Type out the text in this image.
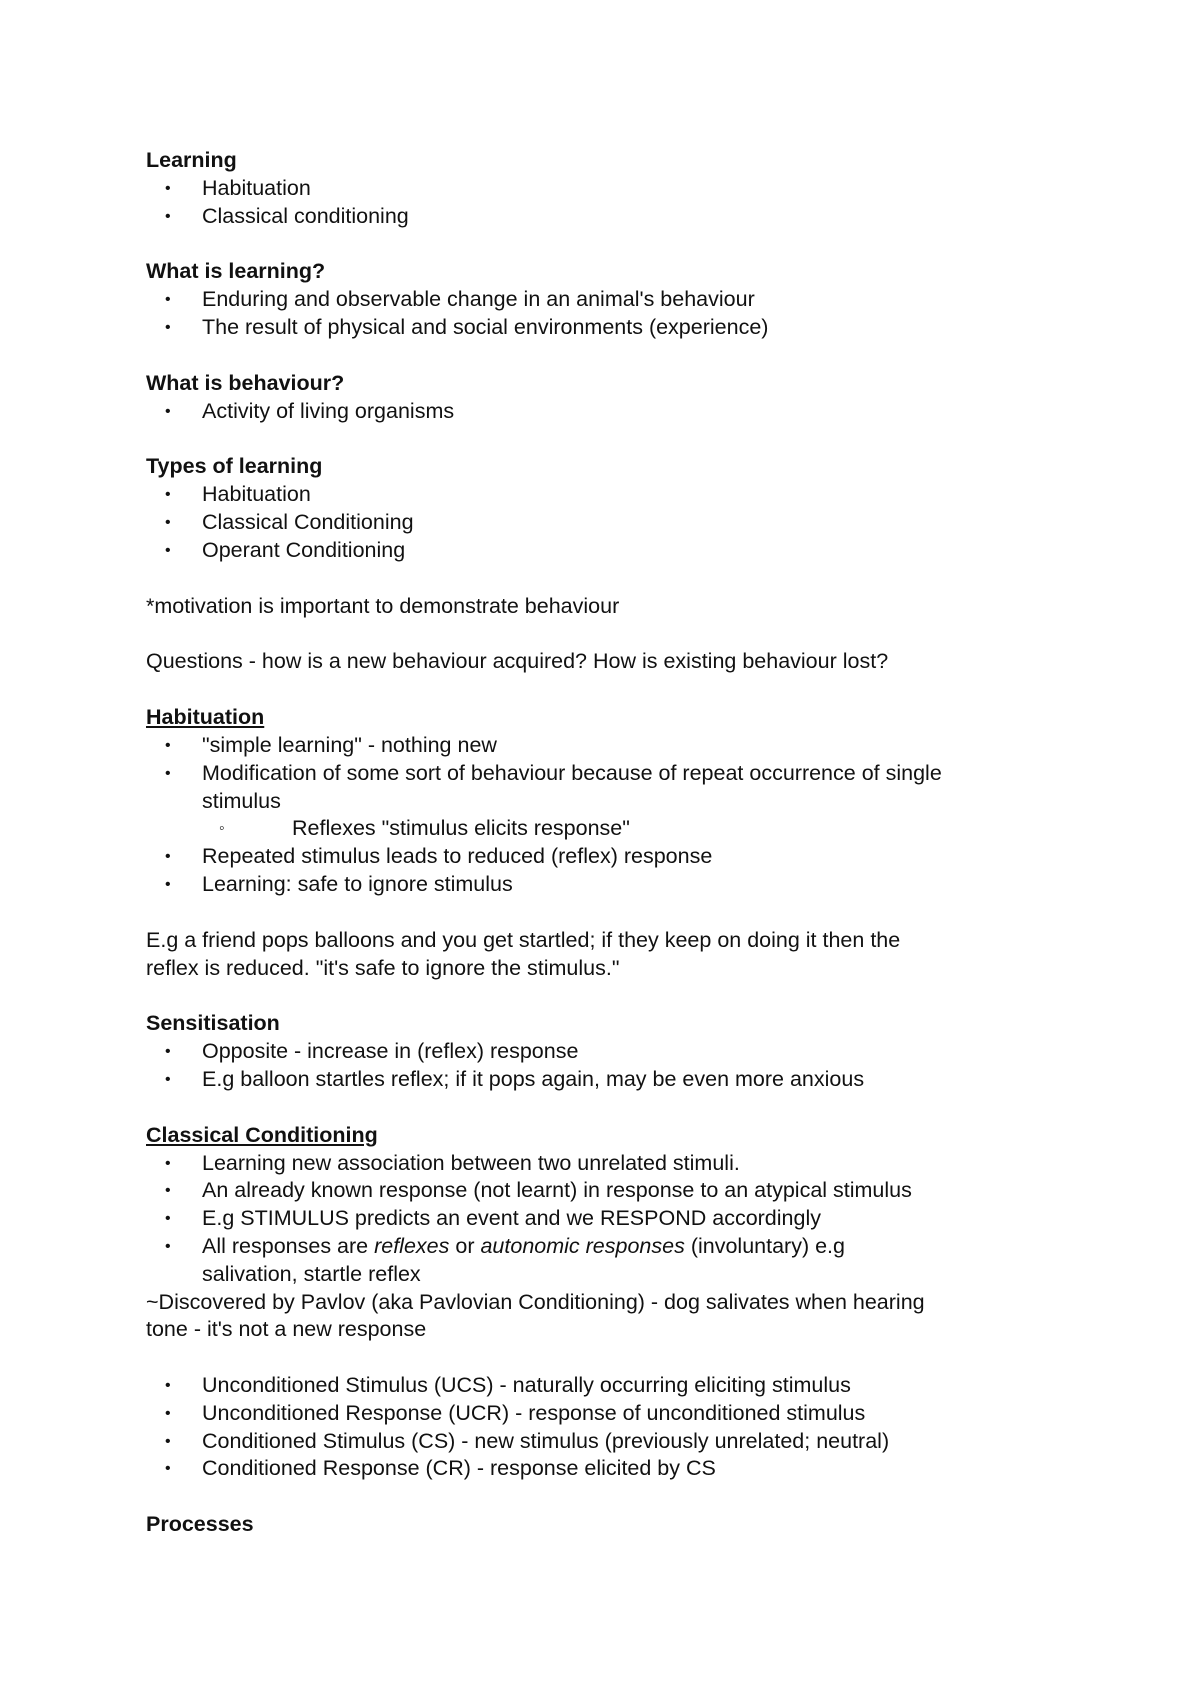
Learning

• Habituation
• Classical conditioning

What is learning?

• Enduring and observable change in an animal's behaviour
• The result of physical and social environments (experience)

What is behaviour?

• Activity of living organisms

Types of learning

• Habituation
• Classical Conditioning
• Operant Conditioning

*motivation is important to demonstrate behaviour

Questions - how is a new behaviour acquired? How is existing behaviour lost?

Habituation

• "simple learning" - nothing new
• Modification of some sort of behaviour because of repeat occurrence of single
stimulus
◦	Reflexes "stimulus elicits response"
• Repeated stimulus leads to reduced (reflex) response
• Learning: safe to ignore stimulus

E.g a friend pops balloons and you get startled; if they keep on doing it then the

reflex is reduced. "it's safe to ignore the stimulus."

Sensitisation

• Opposite - increase in (reflex) response
• E.g balloon startles reflex; if it pops again, may be even more anxious

Classical Conditioning

• Learning new association between two unrelated stimuli.
• An already known response (not learnt) in response to an atypical stimulus
• E.g STIMULUS predicts an event and we RESPOND accordingly
• All responses are reflexes or autonomic responses (involuntary) e.g
salivation, startle reflex

~Discovered by Pavlov (aka Pavlovian Conditioning) - dog salivates when hearing

tone - it's not a new response

• Unconditioned Stimulus (UCS) - naturally occurring eliciting stimulus
• Unconditioned Response (UCR) - response of unconditioned stimulus
• Conditioned Stimulus (CS) - new stimulus (previously unrelated; neutral)
• Conditioned Response (CR) - response elicited by CS

Processes
